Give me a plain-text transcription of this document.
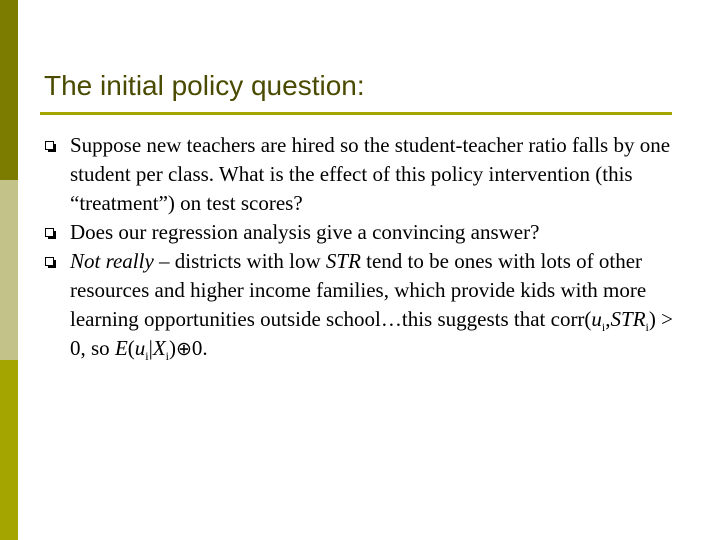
The initial policy question:
Suppose new teachers are hired so the student-teacher ratio falls by one student per class. What is the effect of this policy intervention (this “treatment”) on test scores?
Does our regression analysis give a convincing answer?
Not really – districts with low STR tend to be ones with lots of other resources and higher income families, which provide kids with more learning opportunities outside school…this suggests that $corr(u_i,STR_i) > 0$, so $E(u_i|X_i)\oplus 0$.
